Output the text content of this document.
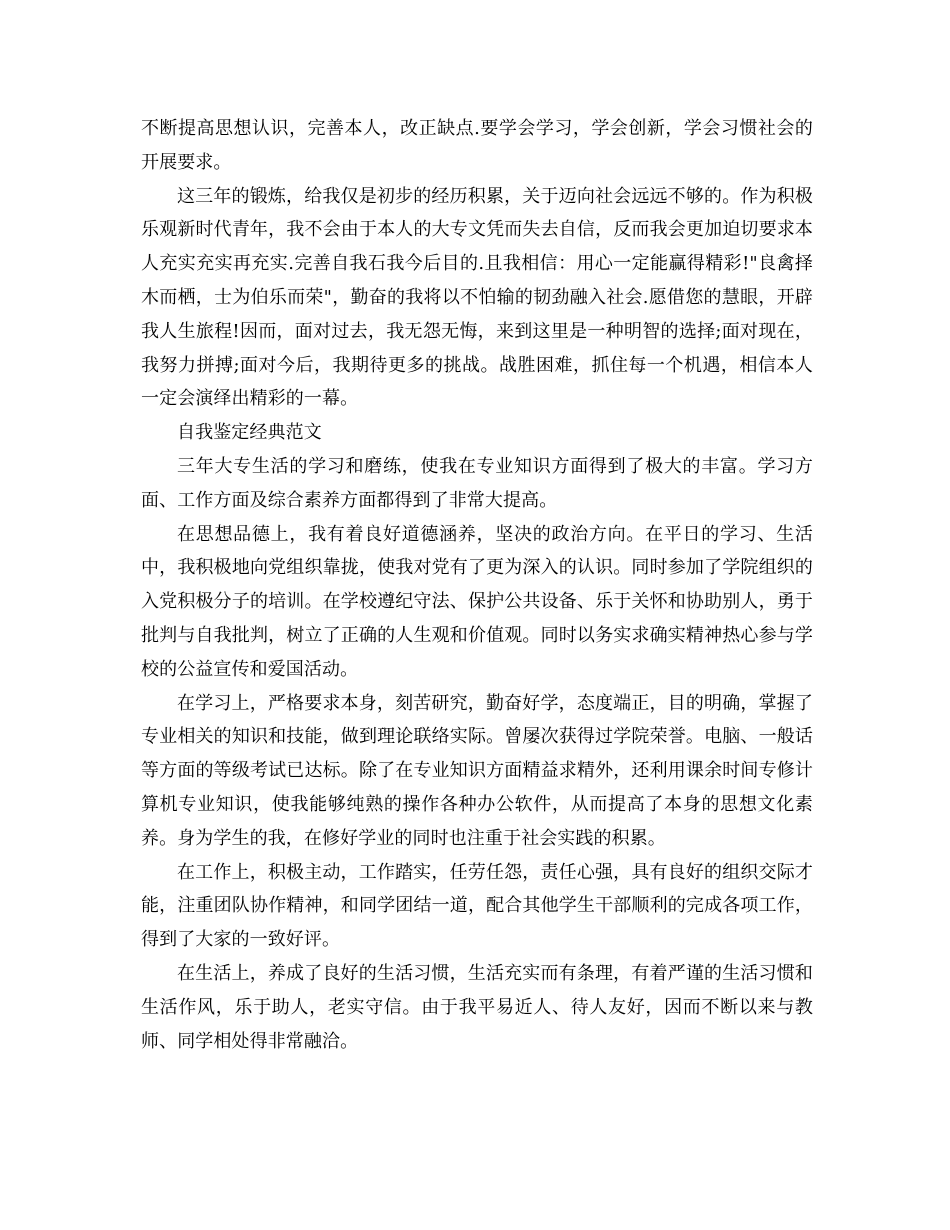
不断提高思想认识，完善本人，改正缺点.要学会学习，学会创新，学会习惯社会的开展要求。

这三年的锻炼，给我仅是初步的经历积累，关于迈向社会远远不够的。作为积极乐观新时代青年，我不会由于本人的大专文凭而失去自信，反而我会更加迫切要求本人充实充实再充实.完善自我石我今后目的.且我相信：用心一定能赢得精彩!"良禽择木而栖，士为伯乐而荣"，勤奋的我将以不怕输的韧劲融入社会.愿借您的慧眼，开辟我人生旅程!因而，面对过去，我无怨无悔，来到这里是一种明智的选择;面对现在，我努力拼搏;面对今后，我期待更多的挑战。战胜困难，抓住每一个机遇，相信本人一定会演绎出精彩的一幕。

自我鉴定经典范文

三年大专生活的学习和磨练，使我在专业知识方面得到了极大的丰富。学习方面、工作方面及综合素养方面都得到了非常大提高。

在思想品德上，我有着良好道德涵养，坚决的政治方向。在平日的学习、生活中，我积极地向党组织靠拢，使我对党有了更为深入的认识。同时参加了学院组织的入党积极分子的培训。在学校遵纪守法、保护公共设备、乐于关怀和协助别人，勇于批判与自我批判，树立了正确的人生观和价值观。同时以务实求确实精神热心参与学校的公益宣传和爱国活动。

在学习上，严格要求本身，刻苦研究，勤奋好学，态度端正，目的明确，掌握了专业相关的知识和技能，做到理论联络实际。曾屡次获得过学院荣誉。电脑、一般话等方面的等级考试已达标。除了在专业知识方面精益求精外，还利用课余时间专修计算机专业知识，使我能够纯熟的操作各种办公软件，从而提高了本身的思想文化素养。身为学生的我，在修好学业的同时也注重于社会实践的积累。

在工作上，积极主动，工作踏实，任劳任怨，责任心强，具有良好的组织交际才能，注重团队协作精神，和同学团结一道，配合其他学生干部顺利的完成各项工作，得到了大家的一致好评。

在生活上，养成了良好的生活习惯，生活充实而有条理，有着严谨的生活习惯和生活作风，乐于助人，老实守信。由于我平易近人、待人友好，因而不断以来与教师、同学相处得非常融洽。
